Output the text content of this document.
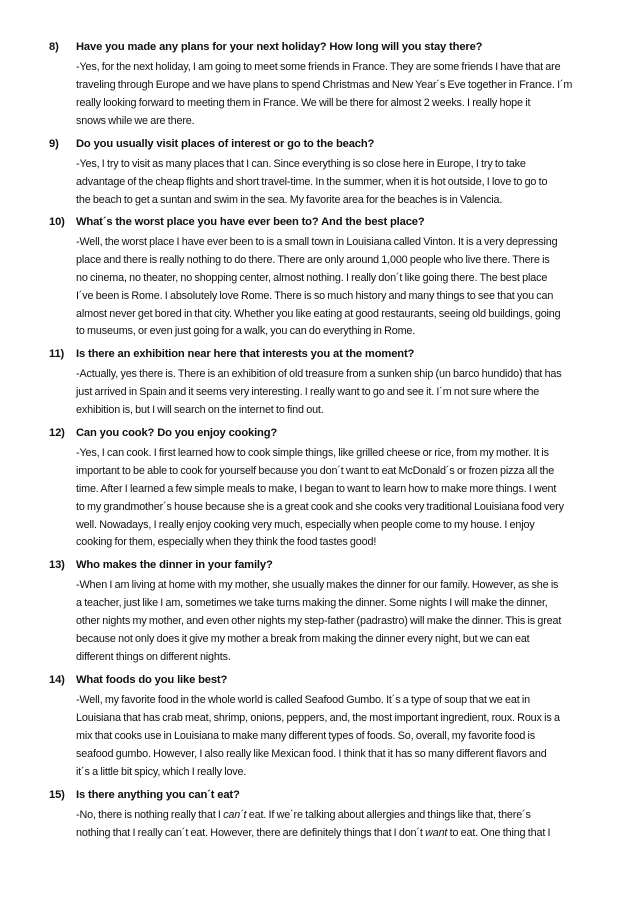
8) Have you made any plans for your next holiday? How long will you stay there?
-Yes, for the next holiday, I am going to meet some friends in France. They are some friends I have that are
traveling through Europe and we have plans to spend Christmas and New Year´s Eve together in France. I´m
really looking forward to meeting them in France. We will be there for almost 2 weeks. I really hope it
snows while we are there.
9) Do you usually visit places of interest or go to the beach?
-Yes, I try to visit as many places that I can. Since everything is so close here in Europe, I try to take
advantage of the cheap flights and short travel-time. In the summer, when it is hot outside, I love to go to
the beach to get a suntan and swim in the sea. My favorite area for the beaches is in Valencia.
10) What´s the worst place you have ever been to? And the best place?
-Well, the worst place I have ever been to is a small town in Louisiana called Vinton. It is a very depressing
place and there is really nothing to do there. There are only around 1,000 people who live there. There is
no cinema, no theater, no shopping center, almost nothing. I really don´t like going there. The best place
I´ve been is Rome. I absolutely love Rome. There is so much history and many things to see that you can
almost never get bored in that city. Whether you like eating at good restaurants, seeing old buildings, going
to museums, or even just going for a walk, you can do everything in Rome.
11) Is there an exhibition near here that interests you at the moment?
-Actually, yes there is. There is an exhibition of old treasure from a sunken ship (un barco hundido) that has
just arrived in Spain and it seems very interesting. I really want to go and see it. I´m not sure where the
exhibition is, but I will search on the internet to find out.
12) Can you cook? Do you enjoy cooking?
-Yes, I can cook. I first learned how to cook simple things, like grilled cheese or rice, from my mother. It is
important to be able to cook for yourself because you don´t want to eat McDonald´s or frozen pizza all the
time. After I learned a few simple meals to make, I began to want to learn how to make more things. I went
to my grandmother´s house because she is a great cook and she cooks very traditional Louisiana food very
well. Nowadays, I really enjoy cooking very much, especially when people come to my house. I enjoy
cooking for them, especially when they think the food tastes good!
13) Who makes the dinner in your family?
-When I am living at home with my mother, she usually makes the dinner for our family. However, as she is
a teacher, just like I am, sometimes we take turns making the dinner. Some nights I will make the dinner,
other nights my mother, and even other nights my step-father (padrastro) will make the dinner. This is great
because not only does it give my mother a break from making the dinner every night, but we can eat
different things on different nights.
14) What foods do you like best?
-Well, my favorite food in the whole world is called Seafood Gumbo. It´s a type of soup that we eat in
Louisiana that has crab meat, shrimp, onions, peppers, and, the most important ingredient, roux. Roux is a
mix that cooks use in Louisiana to make many different types of foods. So, overall, my favorite food is
seafood gumbo. However, I also really like Mexican food. I think that it has so many different flavors and
it´s a little bit spicy, which I really love.
15) Is there anything you can´t eat?
-No, there is nothing really that I can´t eat. If we´re talking about allergies and things like that, there´s
nothing that I really can´t eat. However, there are definitely things that I don´t want to eat. One thing that I
